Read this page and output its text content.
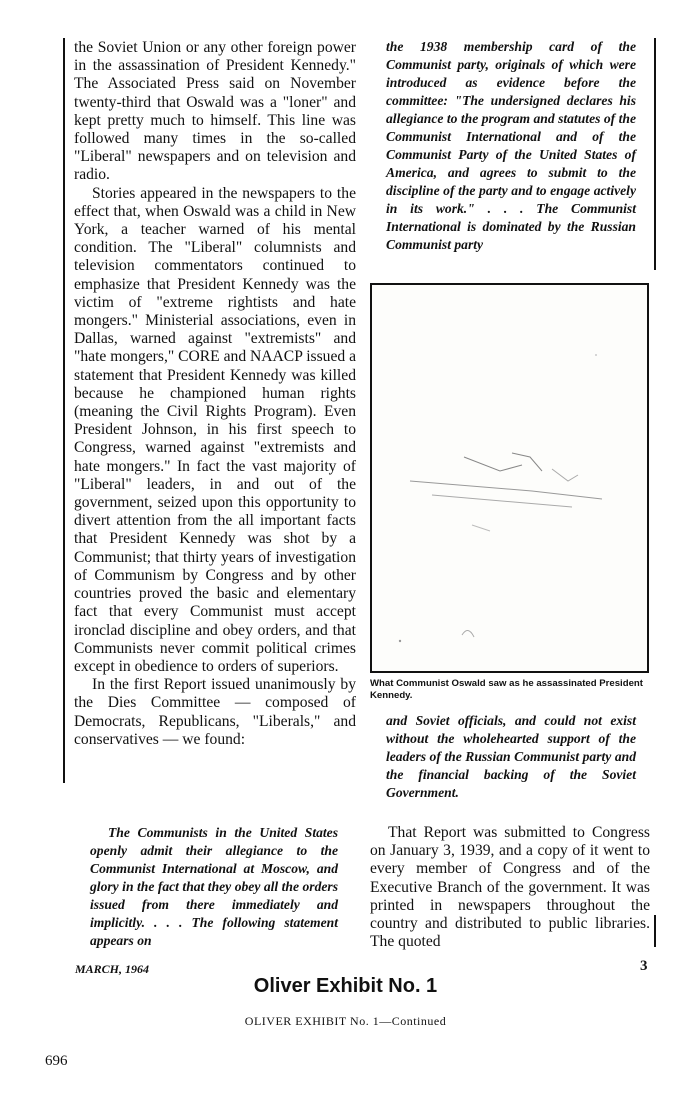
the Soviet Union or any other foreign power in the assassination of President Kennedy." The Associated Press said on November twenty-third that Oswald was a "loner" and kept pretty much to himself. This line was followed many times in the so-called "Liberal" newspapers and on television and radio.

Stories appeared in the newspapers to the effect that, when Oswald was a child in New York, a teacher warned of his mental condition. The "Liberal" columnists and television commentators continued to emphasize that President Kennedy was the victim of "extreme rightists and hate mongers." Ministerial associations, even in Dallas, warned against "extremists" and "hate mongers," CORE and NAACP issued a statement that President Kennedy was killed because he championed human rights (meaning the Civil Rights Program). Even President Johnson, in his first speech to Congress, warned against "extremists and hate mongers." In fact the vast majority of "Liberal" leaders, in and out of the government, seized upon this opportunity to divert attention from the all important facts that President Kennedy was shot by a Communist; that thirty years of investigation of Communism by Congress and by other countries proved the basic and elementary fact that every Communist must accept ironclad discipline and obey orders, and that Communists never commit political crimes except in obedience to orders of superiors.

In the first Report issued unanimously by the Dies Committee — composed of Democrats, Republicans, "Liberals," and conservatives — we found:

The Communists in the United States openly admit their allegiance to the Communist International at Moscow, and glory in the fact that they obey all the orders issued from there immediately and implicitly. . . . The following statement appears on

the 1938 membership card of the Communist party, originals of which were introduced as evidence before the committee: "The undersigned declares his allegiance to the program and statutes of the Communist International and of the Communist Party of the United States of America, and agrees to submit to the discipline of the party and to engage actively in its work." . . . The Communist International is dominated by the Russian Communist party

What Communist Oswald saw as he assassinated President Kennedy.

and Soviet officials, and could not exist without the wholehearted support of the leaders of the Russian Communist party and the financial backing of the Soviet Government.

That Report was submitted to Congress on January 3, 1939, and a copy of it went to every member of Congress and of the Executive Branch of the government. It was printed in newspapers throughout the country and distributed to public libraries. The quoted

MARCH, 1964	3
Oliver Exhibit No. 1
OLIVER EXHIBIT No. 1—Continued
696
